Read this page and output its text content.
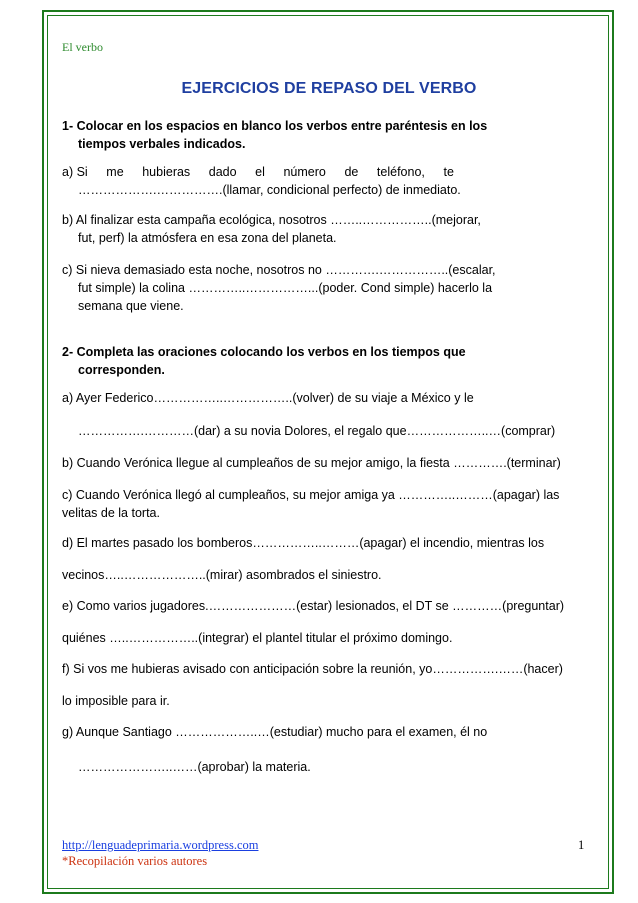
El verbo
EJERCICIOS DE REPASO DEL VERBO
1- Colocar en los espacios en blanco los verbos entre paréntesis en los
tiempos verbales indicados.
a) Si me hubieras dado el número de teléfono, te
……………….…………….(llamar, condicional perfecto) de inmediato.
b) Al finalizar esta campaña ecológica, nosotros ……..……………..(mejorar,
fut, perf) la atmósfera en esa zona del planeta.
c) Si nieva demasiado esta noche, nosotros no ………….……………..(escalar,
fut simple) la colina …………..……………...(poder. Cond simple) hacerlo la
semana que viene.
2- Completa las oraciones colocando los verbos en los tiempos que
corresponden.
a) Ayer Federico……………..……………..(volver) de su viaje a México y le
…………….…………(dar) a su novia Dolores, el regalo que………………..…(comprar)
b) Cuando Verónica llegue al cumpleaños de su mejor amigo, la fiesta ………….(terminar)
c) Cuando Verónica llegó al cumpleaños, su mejor amiga ya …………..………(apagar) las
velitas de la torta.
d) El martes pasado los bomberos……………..………(apagar) el incendio, mientras los
vecinos…..………………..(mirar) asombrados el siniestro.
e) Como varios jugadores.…………………(estar) lesionados, el DT se …………(preguntar)
quiénes …..……………..(integrar) el plantel titular el próximo domingo.
f) Si vos me hubieras avisado con anticipación sobre la reunión, yo…………….……(hacer)
lo imposible para ir.
g) Aunque Santiago ………………..…(estudiar) mucho para el examen, él no
…………………..……(aprobar) la materia.
http://lenguadeprimaria.wordpress.com
*Recopilación varios autores
1
